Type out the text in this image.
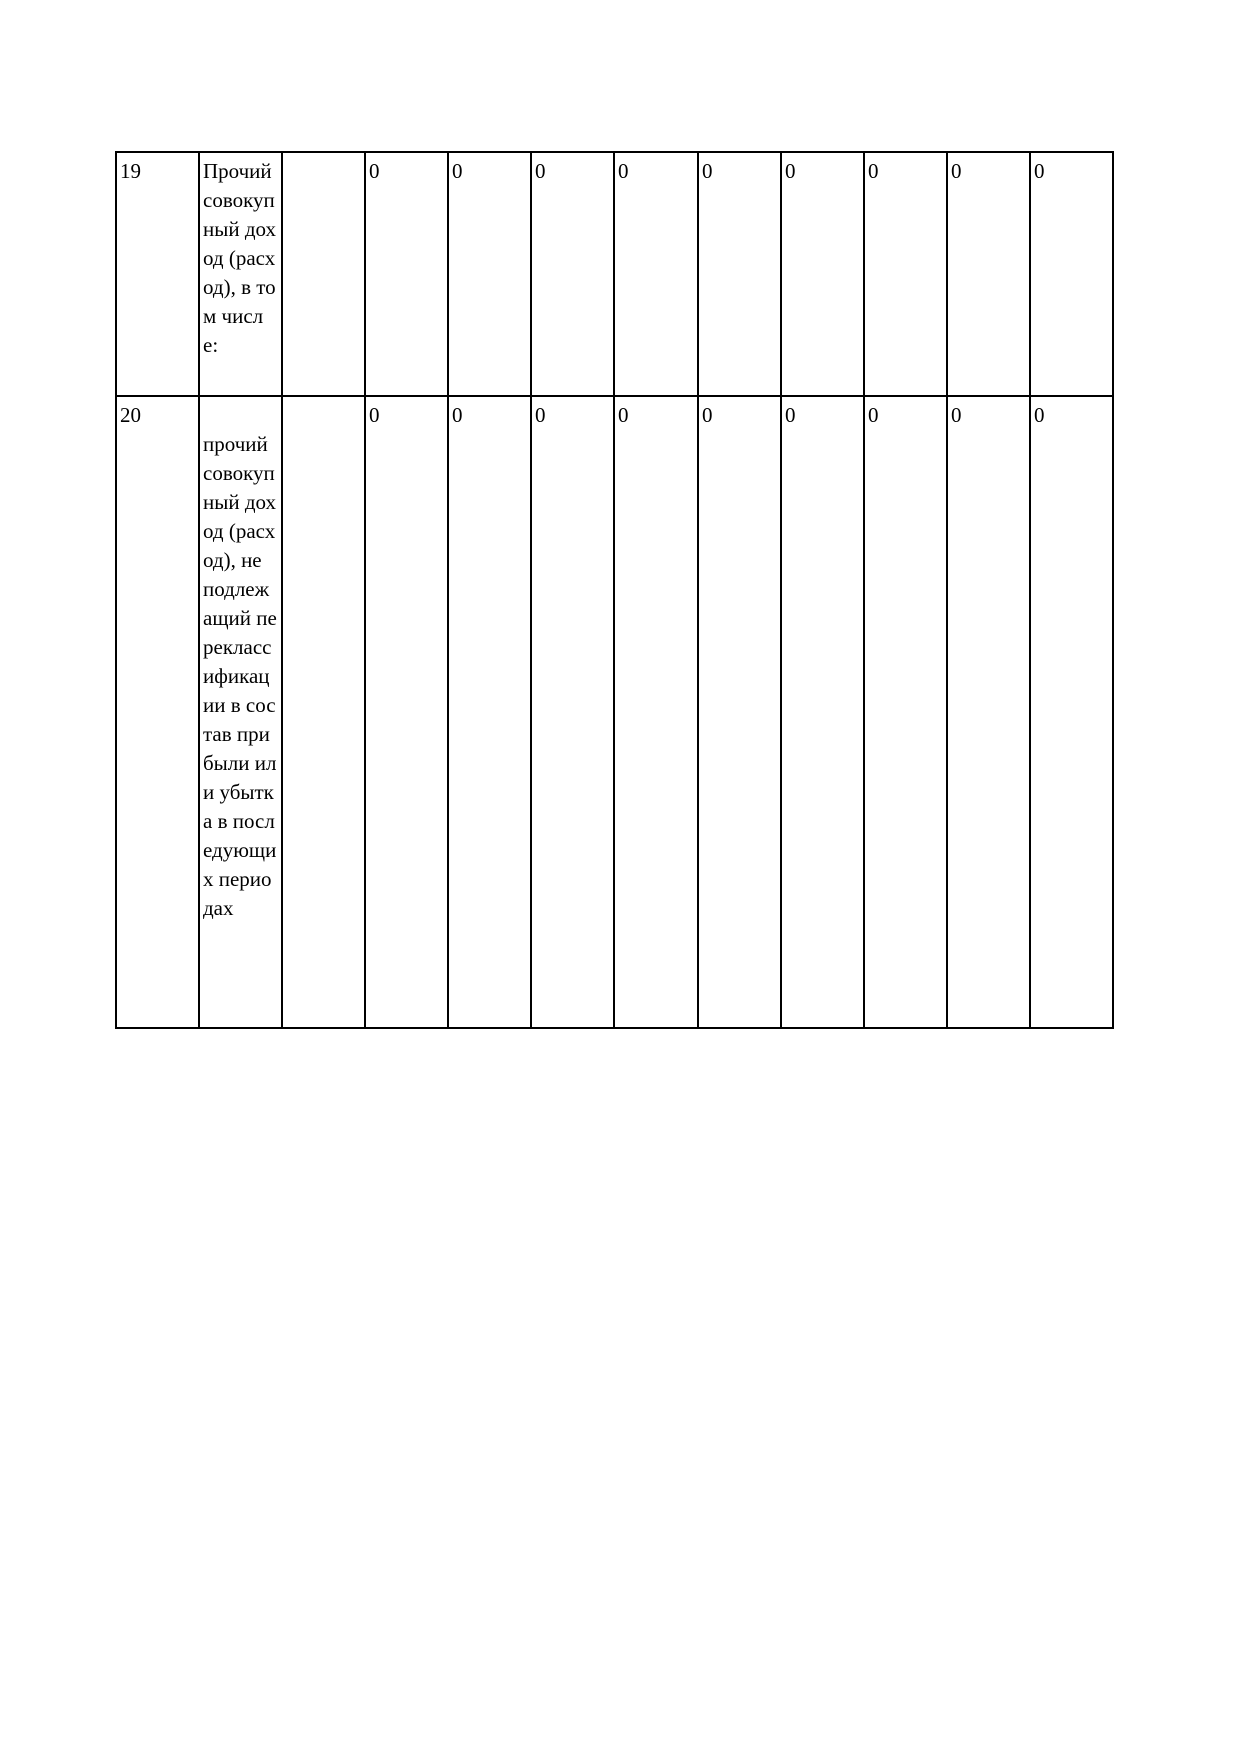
19	Прочий совокупный доход (расход), в том числе:		0	0	0	0	0	0	0	0	0

20	прочий совокупный доход (расход), не подлежащий переклассификации в состав прибыли или убытка в последующих периодах		0	0	0	0	0	0	0	0	0
